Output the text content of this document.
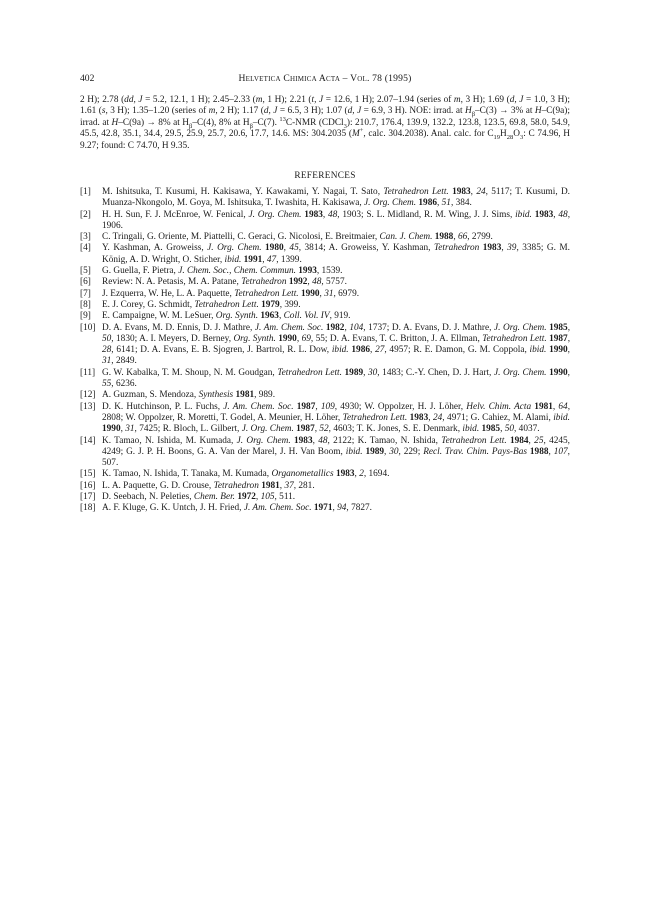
402	Helvetica Chimica Acta – Vol. 78 (1995)
2 H); 2.78 (dd, J = 5.2, 12.1, 1 H); 2.45–2.33 (m, 1 H); 2.21 (t, J = 12.6, 1 H); 2.07–1.94 (series of m, 3 H); 1.69 (d, J = 1.0, 3 H); 1.61 (s, 3 H); 1.35–1.20 (series of m, 2 H); 1.17 (d, J = 6.5, 3 H); 1.07 (d, J = 6.9, 3 H). NOE: irrad. at $H_\beta-C(3) \to 3\%$ at H–C(9a); irrad. at H–C(9a) → 8% at $H_\beta-C(4)$, 8% at $H_\beta-C(7)$. $^{13}$C-NMR (CDCl$_3$): 210.7, 176.4, 139.9, 132.2, 123.8, 123.5, 69.8, 58.0, 54.9, 45.5, 42.8, 35.1, 34.4, 29.5, 25.9, 25.7, 20.6, 17.7, 14.6. MS: 304.2035 (M+, calc. 304.2038). Anal. calc. for $C_{19}H_{28}O_3$: C 74.96, H 9.27; found: C 74.70, H 9.35.
REFERENCES
[1] M. Ishitsuka, T. Kusumi, H. Kakisawa, Y. Kawakami, Y. Nagai, T. Sato, Tetrahedron Lett. 1983, 24, 5117; T. Kusumi, D. Muanza-Nkongolo, M. Goya, M. Ishitsuka, T. Iwashita, H. Kakisawa, J. Org. Chem. 1986, 51, 384.
[2] H. H. Sun, F. J. McEnroe, W. Fenical, J. Org. Chem. 1983, 48, 1903; S. L. Midland, R. M. Wing, J. J. Sims, ibid. 1983, 48, 1906.
[3] C. Tringali, G. Oriente, M. Piattelli, C. Geraci, G. Nicolosi, E. Breitmaier, Can. J. Chem. 1988, 66, 2799.
[4] Y. Kashman, A. Groweiss, J. Org. Chem. 1980, 45, 3814; A. Groweiss, Y. Kashman, Tetrahedron 1983, 39, 3385; G. M. König, A. D. Wright, O. Sticher, ibid. 1991, 47, 1399.
[5] G. Guella, F. Pietra, J. Chem. Soc., Chem. Commun. 1993, 1539.
[6] Review: N. A. Petasis, M. A. Patane, Tetrahedron 1992, 48, 5757.
[7] J. Ezquerra, W. He, L. A. Paquette, Tetrahedron Lett. 1990, 31, 6979.
[8] E. J. Corey, G. Schmidt, Tetrahedron Lett. 1979, 399.
[9] E. Campaigne, W. M. LeSuer, Org. Synth. 1963, Coll. Vol. IV, 919.
[10] D. A. Evans, M. D. Ennis, D. J. Mathre, J. Am. Chem. Soc. 1982, 104, 1737; D. A. Evans, D. J. Mathre, J. Org. Chem. 1985, 50, 1830; A. I. Meyers, D. Berney, Org. Synth. 1990, 69, 55; D. A. Evans, T. C. Britton, J. A. Ellman, Tetrahedron Lett. 1987, 28, 6141; D. A. Evans, E. B. Sjogren, J. Bartrol, R. L. Dow, ibid. 1986, 27, 4957; R. E. Damon, G. M. Coppola, ibid. 1990, 31, 2849.
[11] G. W. Kabalka, T. M. Shoup, N. M. Goudgan, Tetrahedron Lett. 1989, 30, 1483; C.-Y. Chen, D. J. Hart, J. Org. Chem. 1990, 55, 6236.
[12] A. Guzman, S. Mendoza, Synthesis 1981, 989.
[13] D. K. Hutchinson, P. L. Fuchs, J. Am. Chem. Soc. 1987, 109, 4930; W. Oppolzer, H. J. Löher, Helv. Chim. Acta 1981, 64, 2808; W. Oppolzer, R. Moretti, T. Godel, A. Meunier, H. Löher, Tetrahedron Lett. 1983, 24, 4971; G. Cahiez, M. Alami, ibid. 1990, 31, 7425; R. Bloch, L. Gilbert, J. Org. Chem. 1987, 52, 4603; T. K. Jones, S. E. Denmark, ibid. 1985, 50, 4037.
[14] K. Tamao, N. Ishida, M. Kumada, J. Org. Chem. 1983, 48, 2122; K. Tamao, N. Ishida, Tetrahedron Lett. 1984, 25, 4245, 4249; G. J. P. H. Boons, G. A. Van der Marel, J. H. Van Boom, ibid. 1989, 30, 229; Recl. Trav. Chim. Pays-Bas 1988, 107, 507.
[15] K. Tamao, N. Ishida, T. Tanaka, M. Kumada, Organometallics 1983, 2, 1694.
[16] L. A. Paquette, G. D. Crouse, Tetrahedron 1981, 37, 281.
[17] D. Seebach, N. Peleties, Chem. Ber. 1972, 105, 511.
[18] A. F. Kluge, G. K. Untch, J. H. Fried, J. Am. Chem. Soc. 1971, 94, 7827.
